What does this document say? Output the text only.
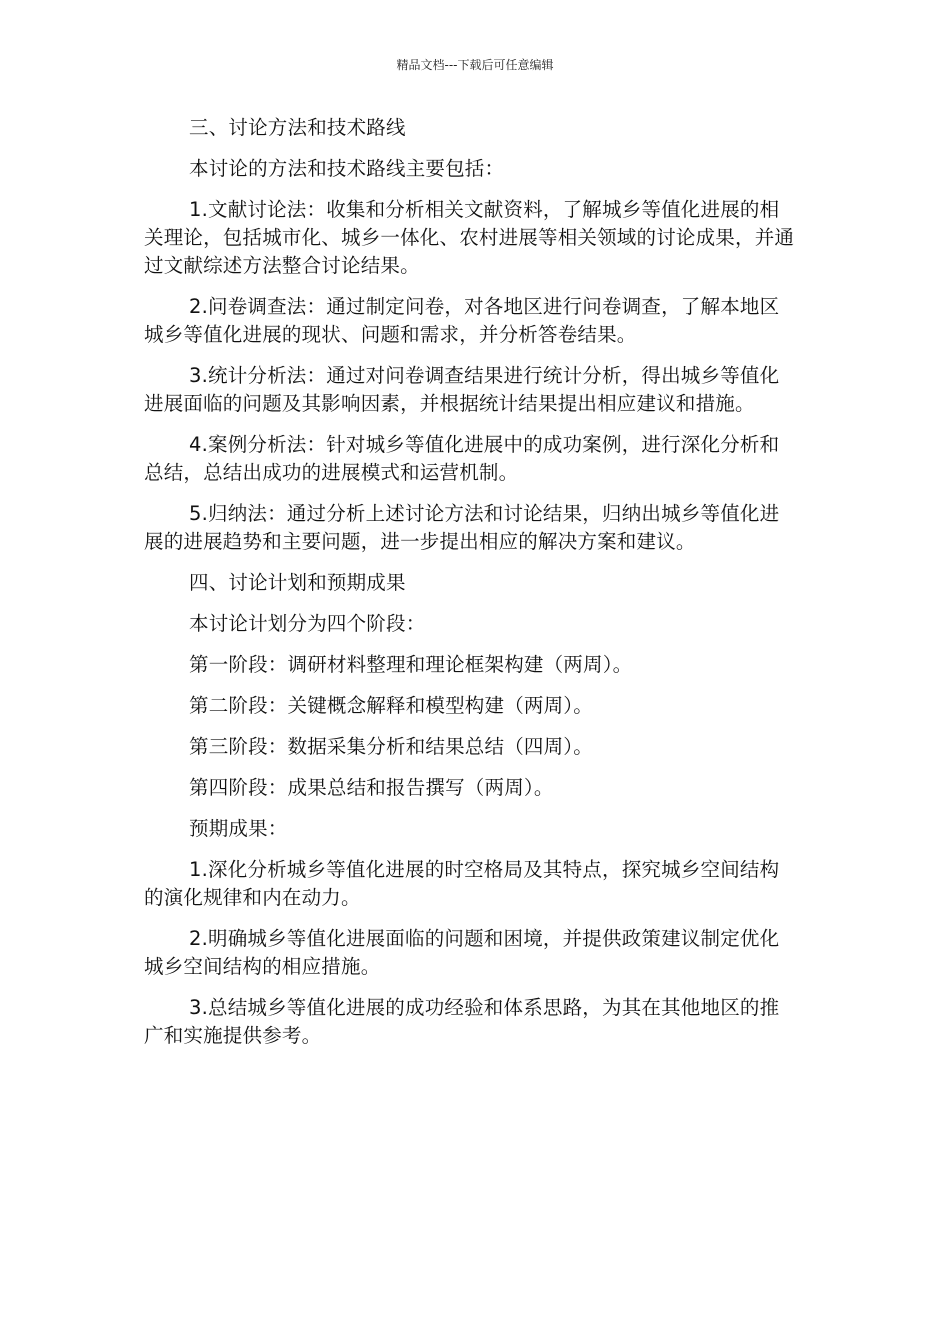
精品文档---下载后可任意编辑

三、讨论方法和技术路线

本讨论的方法和技术路线主要包括：

1.文献讨论法：收集和分析相关文献资料，了解城乡等值化进展的相关理论，包括城市化、城乡一体化、农村进展等相关领域的讨论成果，并通过文献综述方法整合讨论结果。

2.问卷调查法：通过制定问卷，对各地区进行问卷调查，了解本地区城乡等值化进展的现状、问题和需求，并分析答卷结果。

3.统计分析法：通过对问卷调查结果进行统计分析，得出城乡等值化进展面临的问题及其影响因素，并根据统计结果提出相应建议和措施。

4.案例分析法：针对城乡等值化进展中的成功案例，进行深化分析和总结，总结出成功的进展模式和运营机制。

5.归纳法：通过分析上述讨论方法和讨论结果，归纳出城乡等值化进展的进展趋势和主要问题，进一步提出相应的解决方案和建议。

四、讨论计划和预期成果

本讨论计划分为四个阶段：

第一阶段：调研材料整理和理论框架构建（两周）。

第二阶段：关键概念解释和模型构建（两周）。

第三阶段：数据采集分析和结果总结（四周）。

第四阶段：成果总结和报告撰写（两周）。

预期成果：

1.深化分析城乡等值化进展的时空格局及其特点，探究城乡空间结构的演化规律和内在动力。

2.明确城乡等值化进展面临的问题和困境，并提供政策建议制定优化城乡空间结构的相应措施。

3.总结城乡等值化进展的成功经验和体系思路，为其在其他地区的推广和实施提供参考。
